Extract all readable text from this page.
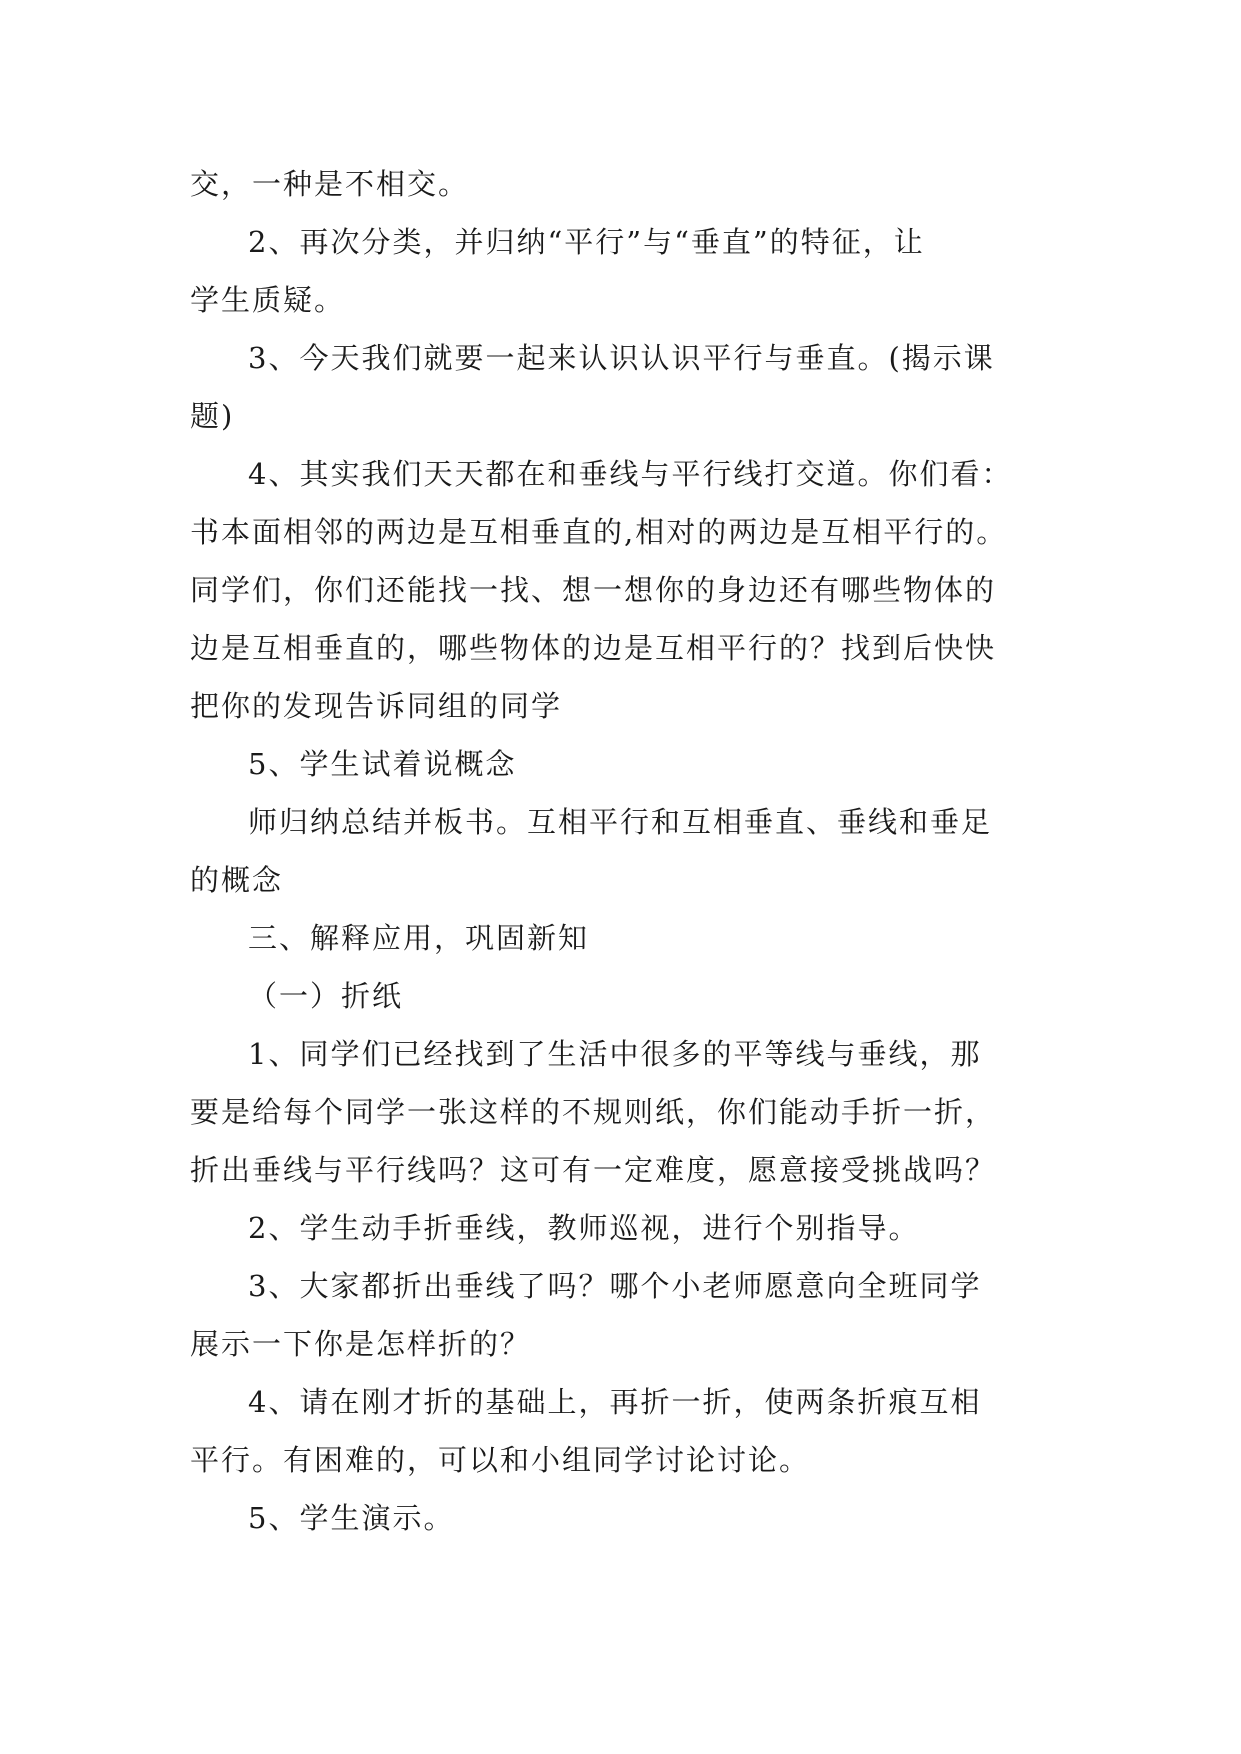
交，一种是不相交。

2、再次分类，并归纳“平行”与“垂直”的特征，让
学生质疑。

3、今天我们就要一起来认识认识平行与垂直。(揭示课
题)

4、其实我们天天都在和垂线与平行线打交道。你们看：
书本面相邻的两边是互相垂直的,相对的两边是互相平行的。
同学们，你们还能找一找、想一想你的身边还有哪些物体的
边是互相垂直的，哪些物体的边是互相平行的？找到后快快
把你的发现告诉同组的同学

5、学生试着说概念

师归纳总结并板书。互相平行和互相垂直、垂线和垂足
的概念

三、解释应用，巩固新知

（一）折纸

1、同学们已经找到了生活中很多的平等线与垂线，那
要是给每个同学一张这样的不规则纸，你们能动手折一折，
折出垂线与平行线吗？这可有一定难度，愿意接受挑战吗？

2、学生动手折垂线，教师巡视，进行个别指导。

3、大家都折出垂线了吗？哪个小老师愿意向全班同学
展示一下你是怎样折的？

4、请在刚才折的基础上，再折一折，使两条折痕互相
平行。有困难的，可以和小组同学讨论讨论。

5、学生演示。
